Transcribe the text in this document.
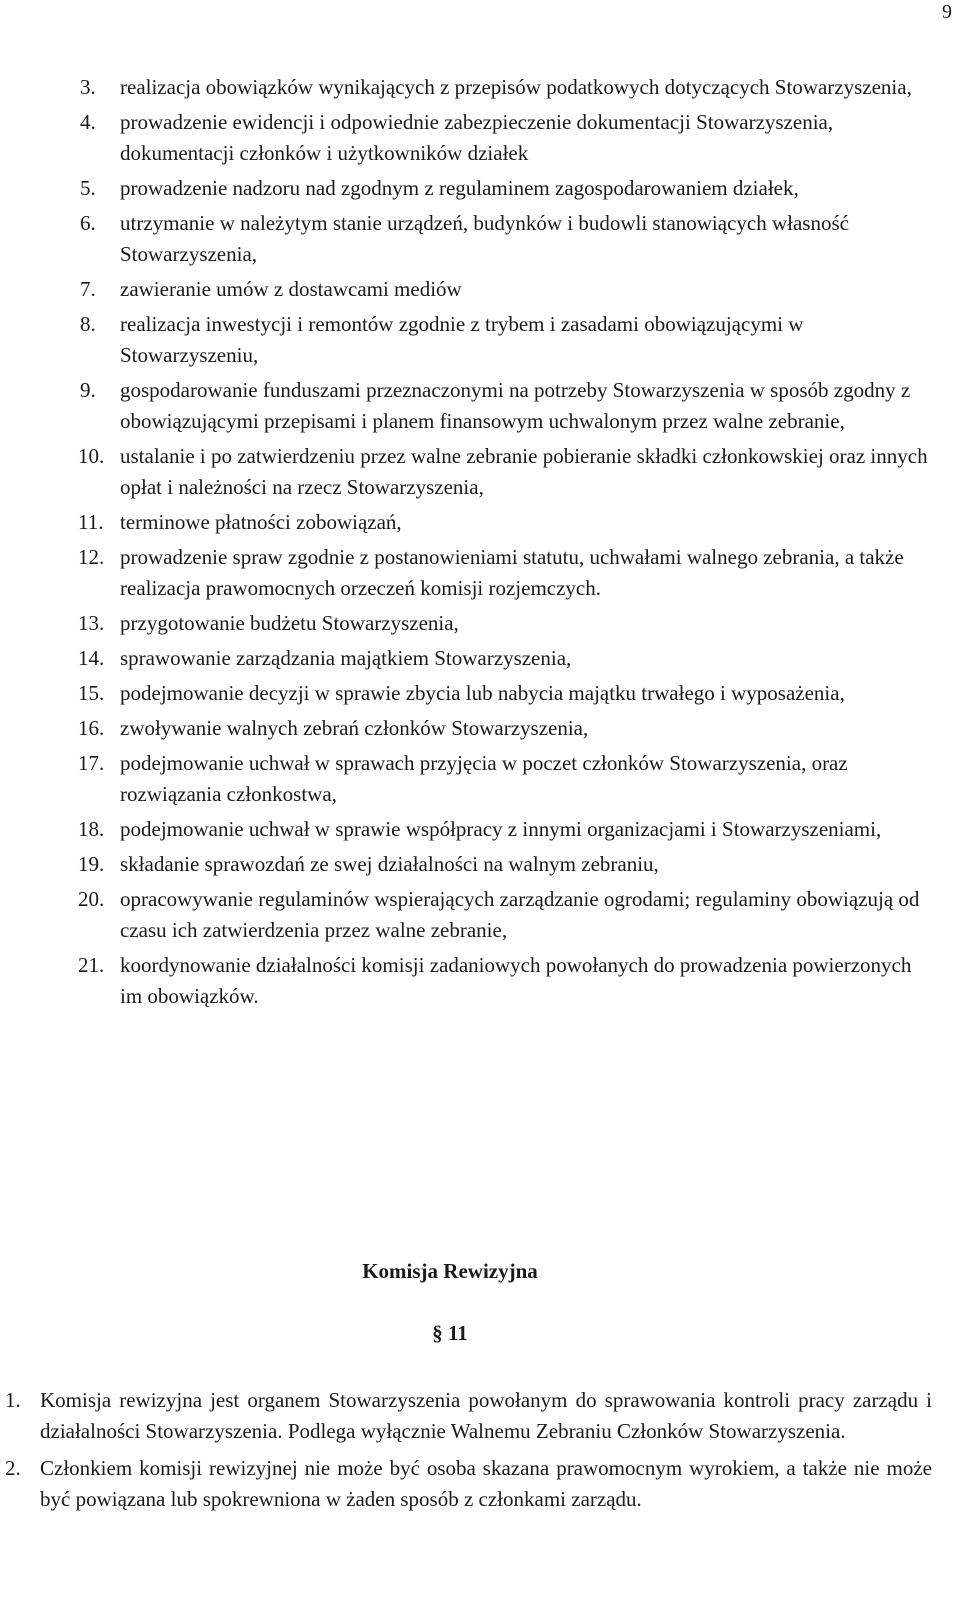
9
3.	realizacja obowiązków wynikających z przepisów podatkowych dotyczących Stowarzyszenia,
4.	prowadzenie ewidencji i odpowiednie zabezpieczenie dokumentacji Stowarzyszenia, dokumentacji członków i użytkowników działek
5.	prowadzenie nadzoru nad zgodnym z regulaminem zagospodarowaniem działek,
6.	utrzymanie w należytym stanie urządzeń, budynków i budowli stanowiących własność Stowarzyszenia,
7.	zawieranie umów z dostawcami mediów
8.	realizacja inwestycji i remontów zgodnie z trybem i zasadami obowiązującymi w Stowarzyszeniu,
9.	gospodarowanie funduszami przeznaczonymi na potrzeby Stowarzyszenia w sposób zgodny z obowiązującymi przepisami i planem finansowym uchwalonym przez walne zebranie,
10. ustalanie i po zatwierdzeniu przez walne zebranie pobieranie składki członkowskiej oraz innych opłat i należności na rzecz Stowarzyszenia,
11. terminowe płatności zobowiązań,
12. prowadzenie spraw zgodnie z postanowieniami statutu, uchwałami walnego zebrania, a także realizacja prawomocnych orzeczeń komisji rozjemczych.
13. przygotowanie budżetu Stowarzyszenia,
14. sprawowanie zarządzania majątkiem Stowarzyszenia,
15. podejmowanie decyzji w sprawie zbycia lub nabycia majątku trwałego i wyposażenia,
16. zwoływanie walnych zebrań członków Stowarzyszenia,
17. podejmowanie uchwał w sprawach przyjęcia w poczet członków Stowarzyszenia, oraz rozwiązania członkostwa,
18. podejmowanie uchwał w sprawie współpracy z innymi organizacjami i Stowarzyszeniami,
19. składanie sprawozdań ze swej działalności na walnym zebraniu,
20. opracowywanie regulaminów wspierających zarządzanie ogrodami; regulaminy obowiązują od czasu ich zatwierdzenia przez walne zebranie,
21. koordynowanie działalności komisji zadaniowych powołanych do prowadzenia powierzonych im obowiązków.
Komisja Rewizyjna
§ 11
1. Komisja rewizyjna jest organem Stowarzyszenia powołanym do sprawowania kontroli pracy zarządu i działalności Stowarzyszenia. Podlega wyłącznie Walnemu Zebraniu Członków Stowarzyszenia.
2. Członkiem komisji rewizyjnej nie może być osoba skazana prawomocnym wyrokiem, a także nie może być powiązana lub spokrewniona w żaden sposób z członkami zarządu.
